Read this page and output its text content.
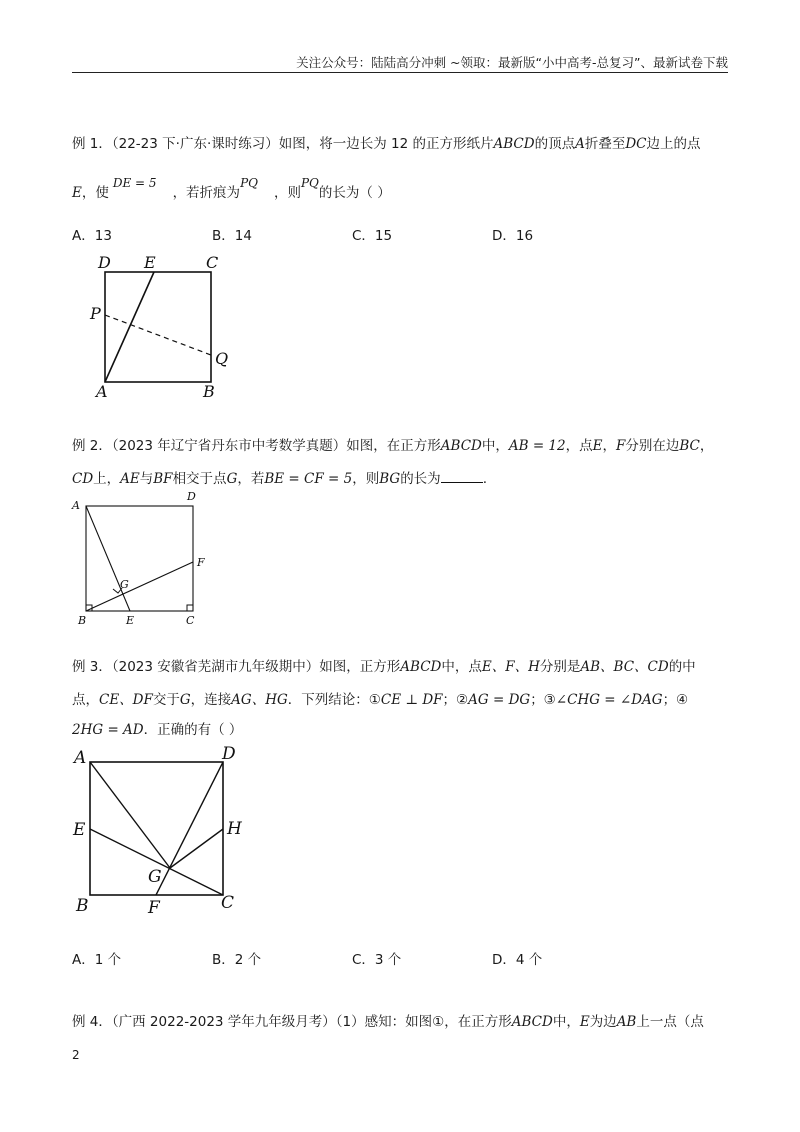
关注公众号：陆陆高分冲刺 ~领取：最新版“小中高考-总复习”、最新试卷下载
例 1．（22-23 下·广东·课时练习）如图，将一边长为 12 的正方形纸片ABCD的顶点A折叠至DC边上的点
E，使DE = 5，若折痕为PQ，则PQ的长为（ ）
A．13	B．14	C．15	D．16
D E	C
P
Q
A	B
例 2．（2023 年辽宁省丹东市中考数学真题）如图，在正方形ABCD中，AB = 12，点E，F分别在边BC，
CD上，AE与BF相交于点G，若BE = CF = 5，则BG的长为	.
A
D
F
G
B	E	C
例 3．（2023 安徽省芜湖市九年级期中）如图，正方形ABCD中，点E、F、H分别是AB、BC、CD的中
点，CE、DF交于G，连接AG、HG．下列结论：①CE ⊥ DF；②AG = DG；③∠CHG = ∠DAG；④
2HG = AD．正确的有（ ）
A	D
E	H
G
B	F	C
A．1 个	B．2 个	C．3 个	D．4 个
例 4．（广西 2022-2023 学年九年级月考）（1）感知：如图①，在正方形ABCD中，E为边AB上一点（点
2
